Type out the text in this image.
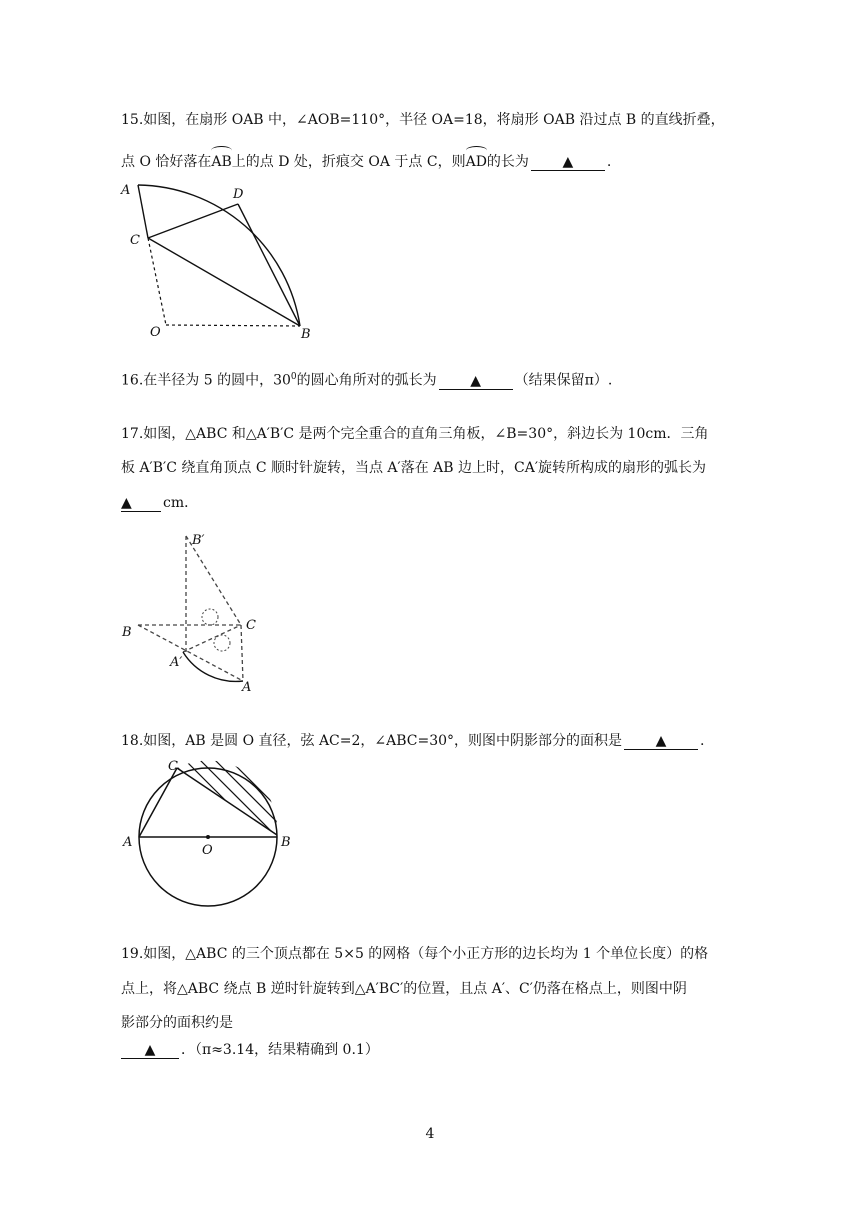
15.如图，在扇形 OAB 中，∠AOB=110°，半径 OA=18，将扇形 OAB 沿过点 B 的直线折叠，
点 O 恰好落在AB上的点 D 处，折痕交 OA 于点 C，则AD的长为 ▲ .
A	D
C
O	B
16.在半径为 5 的圆中，$30^0$的圆心角所对的弧长为 ▲ （结果保留π）.
17.如图，△ABC 和△A′B′C 是两个完全重合的直角三角板，∠B=30°，斜边长为 10cm．三角
板 A′B′C 绕直角顶点 C 顺时针旋转，当点 A′落在 AB 边上时，CA′旋转所构成的扇形的弧长为
▲ cm．
B′
B	C
A′
A
18.如图，AB 是圆 O 直径，弦 AC=2，∠ABC=30°，则图中阴影部分的面积是 ▲ .
C
A
O
B
19.如图，△ABC 的三个顶点都在 5×5 的网格（每个小正方形的边长均为 1 个单位长度）的格
点上，将△ABC 绕点 B 逆时针旋转到△A′BC′的位置，且点 A′、C′仍落在格点上，则图中阴
影部分的面积约是
▲ ．（π≈3.14，结果精确到 0.1）
4
